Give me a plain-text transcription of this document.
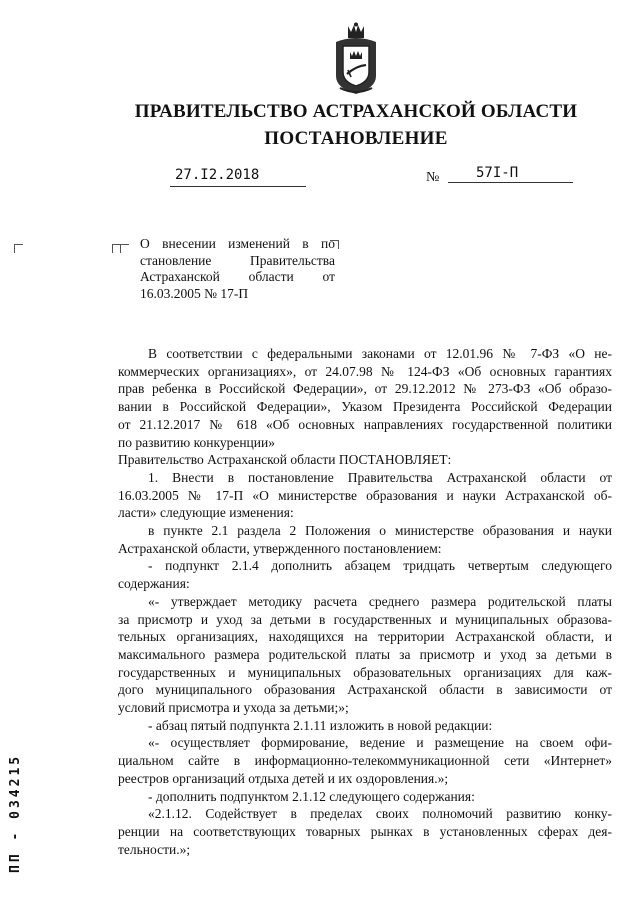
ПРАВИТЕЛЬСТВО АСТРАХАНСКОЙ ОБЛАСТИ
ПОСТАНОВЛЕНИЕ
27.I2.2018	№	57I-П
О внесении изменений в по
становление Правительства
Астраханской области от
16.03.2005 № 17-П
В соответствии с федеральными законами от 12.01.96 № 7-ФЗ «О не-
коммерческих организациях», от 24.07.98 № 124-ФЗ «Об основных гарантиях
прав ребенка в Российской Федерации», от 29.12.2012 № 273-ФЗ «Об образо-
вании в Российской Федерации», Указом Президента Российской Федерации
от 21.12.2017 № 618 «Об основных направлениях государственной политики
по развитию конкуренции»
Правительство Астраханской области ПОСТАНОВЛЯЕТ:
1. Внести в постановление Правительства Астраханской области от
16.03.2005 № 17-П «О министерстве образования и науки Астраханской об-
ласти» следующие изменения:
в пункте 2.1 раздела 2 Положения о министерстве образования и науки
Астраханской области, утвержденного постановлением:
- подпункт 2.1.4 дополнить абзацем тридцать четвертым следующего
содержания:
«- утверждает методику расчета среднего размера родительской платы
за присмотр и уход за детьми в государственных и муниципальных образова-
тельных организациях, находящихся на территории Астраханской области, и
максимального размера родительской платы за присмотр и уход за детьми в
государственных и муниципальных образовательных организациях для каж-
дого муниципального образования Астраханской области в зависимости от
условий присмотра и ухода за детьми;»;
- абзац пятый подпункта 2.1.11 изложить в новой редакции:
«- осуществляет формирование, ведение и размещение на своем офи-
циальном сайте в информационно-телекоммуникационной сети «Интернет»
реестров организаций отдыха детей и их оздоровления.»;
- дополнить подпунктом 2.1.12 следующего содержания:
«2.1.12. Содействует в пределах своих полномочий развитию конку-
ренции на соответствующих товарных рынках в установленных сферах дея-
тельности.»;
ПП - 034215
